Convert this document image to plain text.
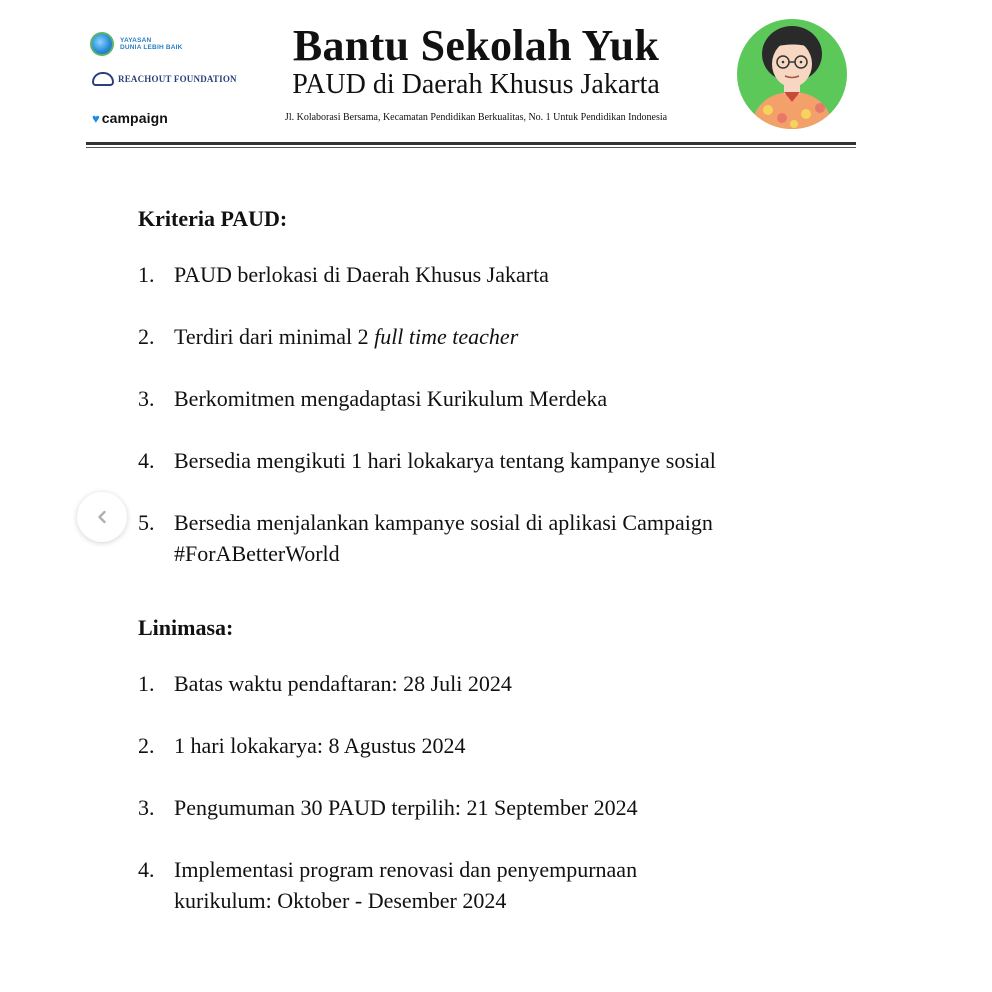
YAYASAN
DUNIA LEBIH BAIK
REACHOUT FOUNDATION
♥ campaign
Bantu Sekolah Yuk
PAUD di Daerah Khusus Jakarta
Jl. Kolaborasi Bersama, Kecamatan Pendidikan Berkualitas, No. 1 Untuk Pendidikan Indonesia
Kriteria PAUD:
1. PAUD berlokasi di Daerah Khusus Jakarta
2. Terdiri dari minimal 2 full time teacher
3. Berkomitmen mengadaptasi Kurikulum Merdeka
4. Bersedia mengikuti 1 hari lokakarya tentang kampanye sosial
5. Bersedia menjalankan kampanye sosial di aplikasi Campaign
#ForABetterWorld
Linimasa:
1. Batas waktu pendaftaran: 28 Juli 2024
2. 1 hari lokakarya: 8 Agustus 2024
3. Pengumuman 30 PAUD terpilih: 21 September 2024
4. Implementasi program renovasi dan penyempurnaan
kurikulum: Oktober - Desember 2024
